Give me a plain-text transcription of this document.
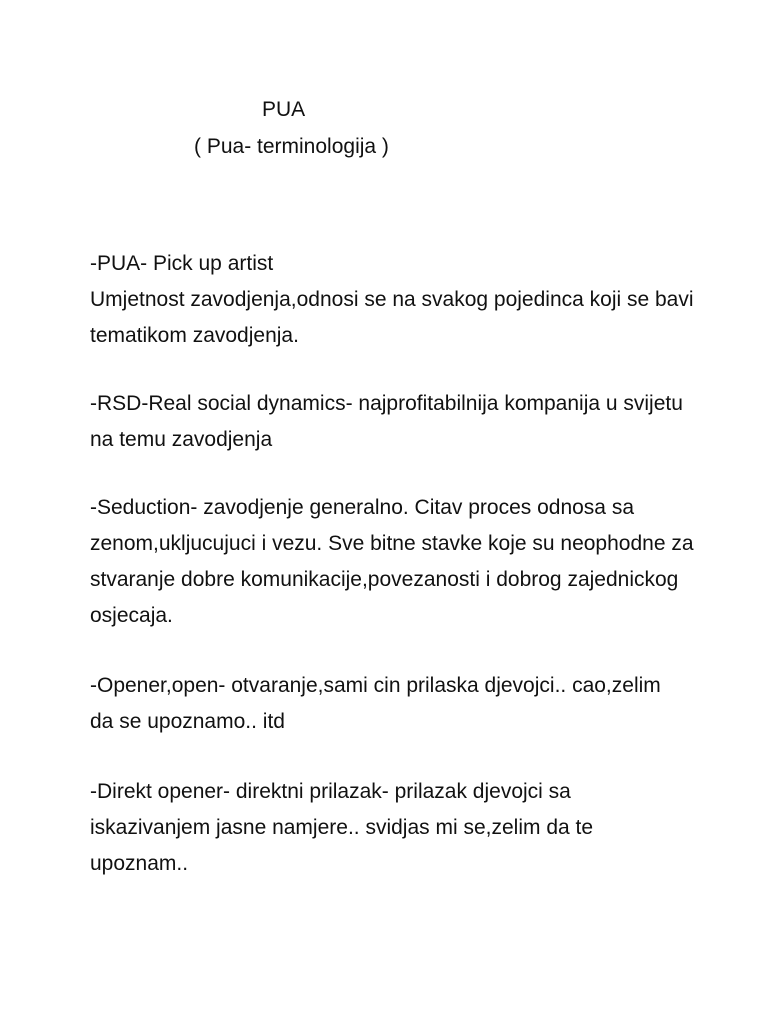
PUA

( Pua- terminologija )

-PUA- Pick up artist
Umjetnost zavodjenja,odnosi se na svakog pojedinca koji se bavi
tematikom zavodjenja.

-RSD-Real social dynamics- najprofitabilnija kompanija u svijetu
na temu zavodjenja

-Seduction- zavodjenje generalno. Citav proces odnosa sa
zenom,ukljucujuci i vezu. Sve bitne stavke koje su neophodne za
stvaranje dobre komunikacije,povezanosti i dobrog zajednickog
osjecaja.

-Opener,open- otvaranje,sami cin prilaska djevojci.. cao,zelim
da se upoznamo.. itd

-Direkt opener- direktni prilazak- prilazak djevojci sa
iskazivanjem jasne namjere.. svidjas mi se,zelim da te
upoznam..
